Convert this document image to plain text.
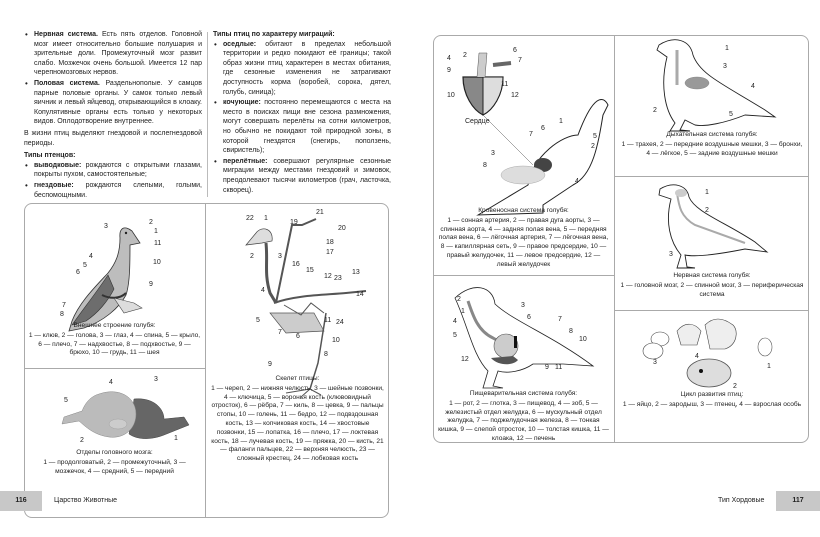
• Нервная система. Есть пять отделов. Головной мозг имеет относительно большие полушария и зрительные доли. Промежуточный мозг развит слабо. Мозжечок очень большой. Имеется 12 пар черепномозговых нервов.
• Половая система. Раздельнополые. У самцов парные половые органы. У самок только левый яичник и левый яйцевод, открывающийся в клоаку. Копулятивные органы есть только у некоторых видов. Оплодотворение внутреннее.
В жизни птиц выделяют гнездовой и послегнездовой периоды.
Типы птенцов:
• выводковые: рождаются с открытыми глазами, покрыты пухом, самостоятельные;
• гнездовые: рождаются слепыми, голыми, беспомощными.
Типы птиц по характеру миграций:
• оседлые: обитают в пределах небольшой территории и редко покидают её границы; такой образ жизни птиц характерен в местах обитания, где сезонные изменения не затрагивают доступность корма (воробей, сорока, дятел, голубь, синица);
• кочующие: постоянно перемещаются с места на место в поисках пищи вне сезона размножения, могут совершать перелёты на сотни километров, но обычно не покидают той природной зоны, в которой гнездятся (снегирь, поползень, свиристель);
• перелётные: совершают регулярные сезонные миграции между местами гнездовий и зимовок, преодолевают тысячи километров (грач, ласточка, скворец).
3
2
1
11
4
5	10
6
9
7
8
Внешнее строение голубя:
1 — клюв, 2 — голова, 3 — глаз, 4 — спина, 5 — крыло, 6 — плечо, 7 — надхвостье, 8 — подхвостье, 9 — брюхо, 10 — грудь, 11 — шея
4	3
5
2	1
Отделы головного мозга:
1 — продолговатый, 2 — промежуточный, 3 — мозжечок, 4 — средний, 5 — передний
22 1
19
21
20
2	3
18
17
16
15
12 23
13
14
4
5	11 24
7
6
10
8
9
Скелет птицы:
1 — череп, 2 — нижняя челюсть, 3 — шейные позвонки, 4 — ключица, 5 — воронья кость (клювовидный отросток), 6 — рёбра, 7 — киль, 8 — цевка, 9 — пальцы стопы, 10 — голень, 11 — бедро, 12 — подвздошная кость, 13 — копчиковая кость, 14 — хвостовые позвонки, 15 — лопатка, 16 — плечо, 17 — локтевая кость, 18 — лучевая кость, 19 — пряжка, 20 — кисть, 21 — фаланги пальцев, 22 — верхняя челюсть, 23 — сложный крестец, 24 — лобковая кость
116	Царство Животные
4 2
6
7
9
11
10	12
Сердце	1
6
7	5
2
3
8
4
Кровеносная система голубя:
1 — сонная артерия, 2 — правая дуга аорты, 3 — спинная аорта, 4 — задняя полая вена, 5 — передняя полая вена, 6 — лёгочная артерия, 7 — лёгочная вена, 8 — капиллярная сеть, 9 — правое предсердие, 10 — правый желудочек, 11 — левое предсердие, 12 — левый желудочек
2
1
3
6	7
4
8
5
10
12
9 11
Пищеварительная система голубя:
1 — рот, 2 — глотка, 3 — пищевод, 4 — зоб, 5 — железистый отдел желудка, 6 — мускульный отдел желудка, 7 — поджелудочная железа, 8 — тонкая кишка, 9 — слепой отросток, 10 — толстая кишка, 11 — клоака, 12 — печень
1
3
4
2
5
Дыхательная система голубя:
1 — трахея, 2 — передние воздушные мешки, 3 — бронхи, 4 — лёгкое, 5 — задние воздушные мешки
1
2
3
Нервная система голубя:
1 — головной мозг, 2 — спинной мозг, 3 — периферическая система
3
4
1
2
Цикл развития птиц:
1 — яйцо, 2 — зародыш, 3 — птенец, 4 — взрослая особь
Тип Хордовые	117
